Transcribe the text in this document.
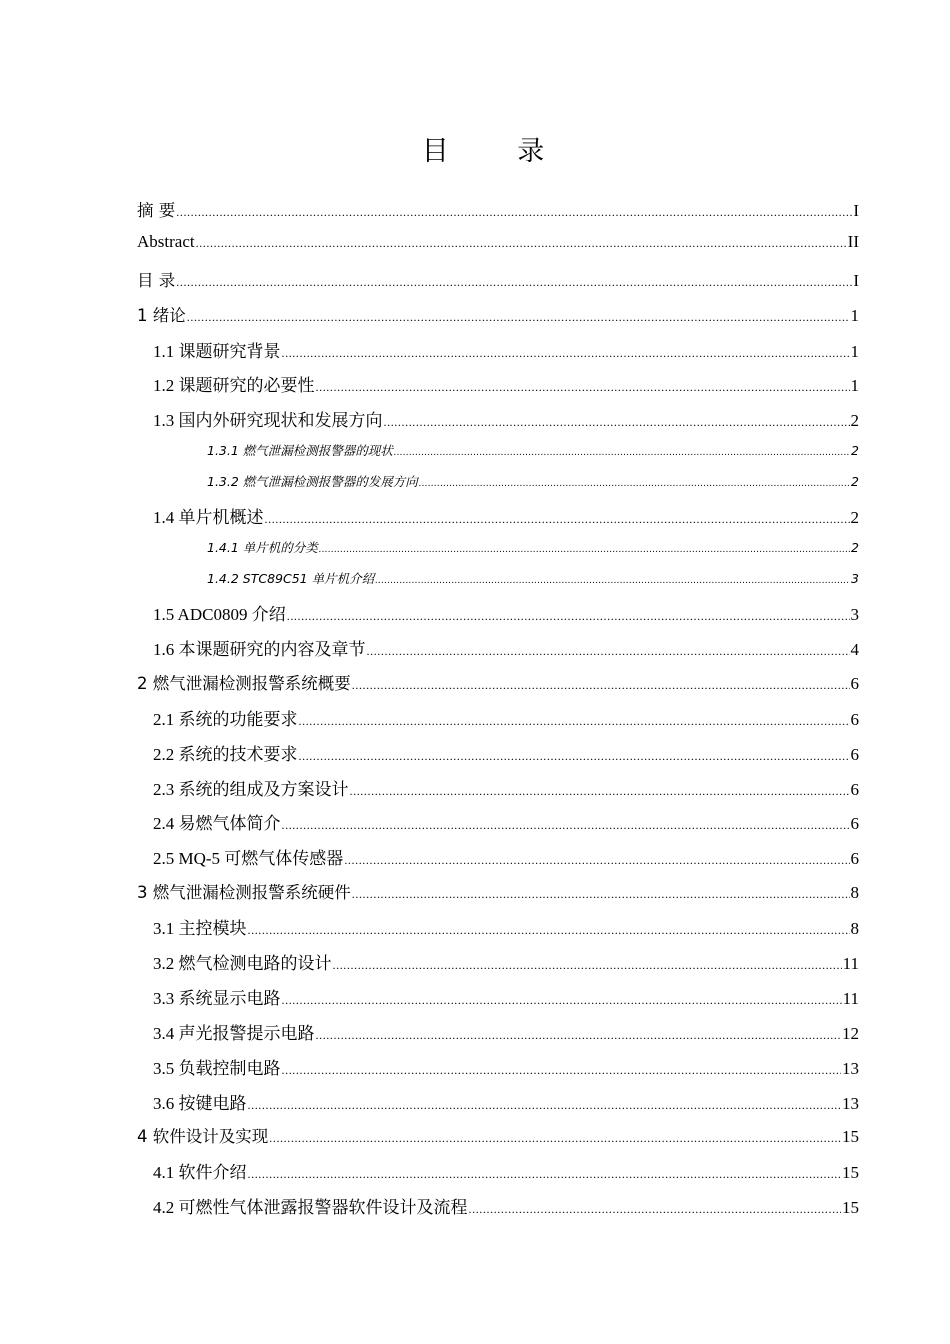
目 录
摘 要 .....	I
Abstract .....	II
目 录 .....	I
1 绪论 .....	1
1.1 课题研究背景 .....	1
1.2 课题研究的必要性 .....	1
1.3 国内外研究现状和发展方向 .....	2
1.3.1 燃气泄漏检测报警器的现状 .....	2
1.3.2 燃气泄漏检测报警器的发展方向 .....	2
1.4 单片机概述 .....	2
1.4.1 单片机的分类 .....	2
1.4.2 STC89C51 单片机介绍 .....	3
1.5 ADC0809 介绍 .....	3
1.6 本课题研究的内容及章节 .....	4
2 燃气泄漏检测报警系统概要 .....	6
2.1 系统的功能要求 .....	6
2.2 系统的技术要求 .....	6
2.3 系统的组成及方案设计 .....	6
2.4 易燃气体简介 .....	6
2.5 MQ-5 可燃气体传感器 .....	6
3 燃气泄漏检测报警系统硬件 .....	8
3.1 主控模块 .....	8
3.2 燃气检测电路的设计 .....	11
3.3 系统显示电路 .....	11
3.4 声光报警提示电路 .....	12
3.5 负载控制电路 .....	13
3.6 按键电路 .....	13
4 软件设计及实现 .....	15
4.1 软件介绍 .....	15
4.2 可燃性气体泄露报警器软件设计及流程 .....	15
